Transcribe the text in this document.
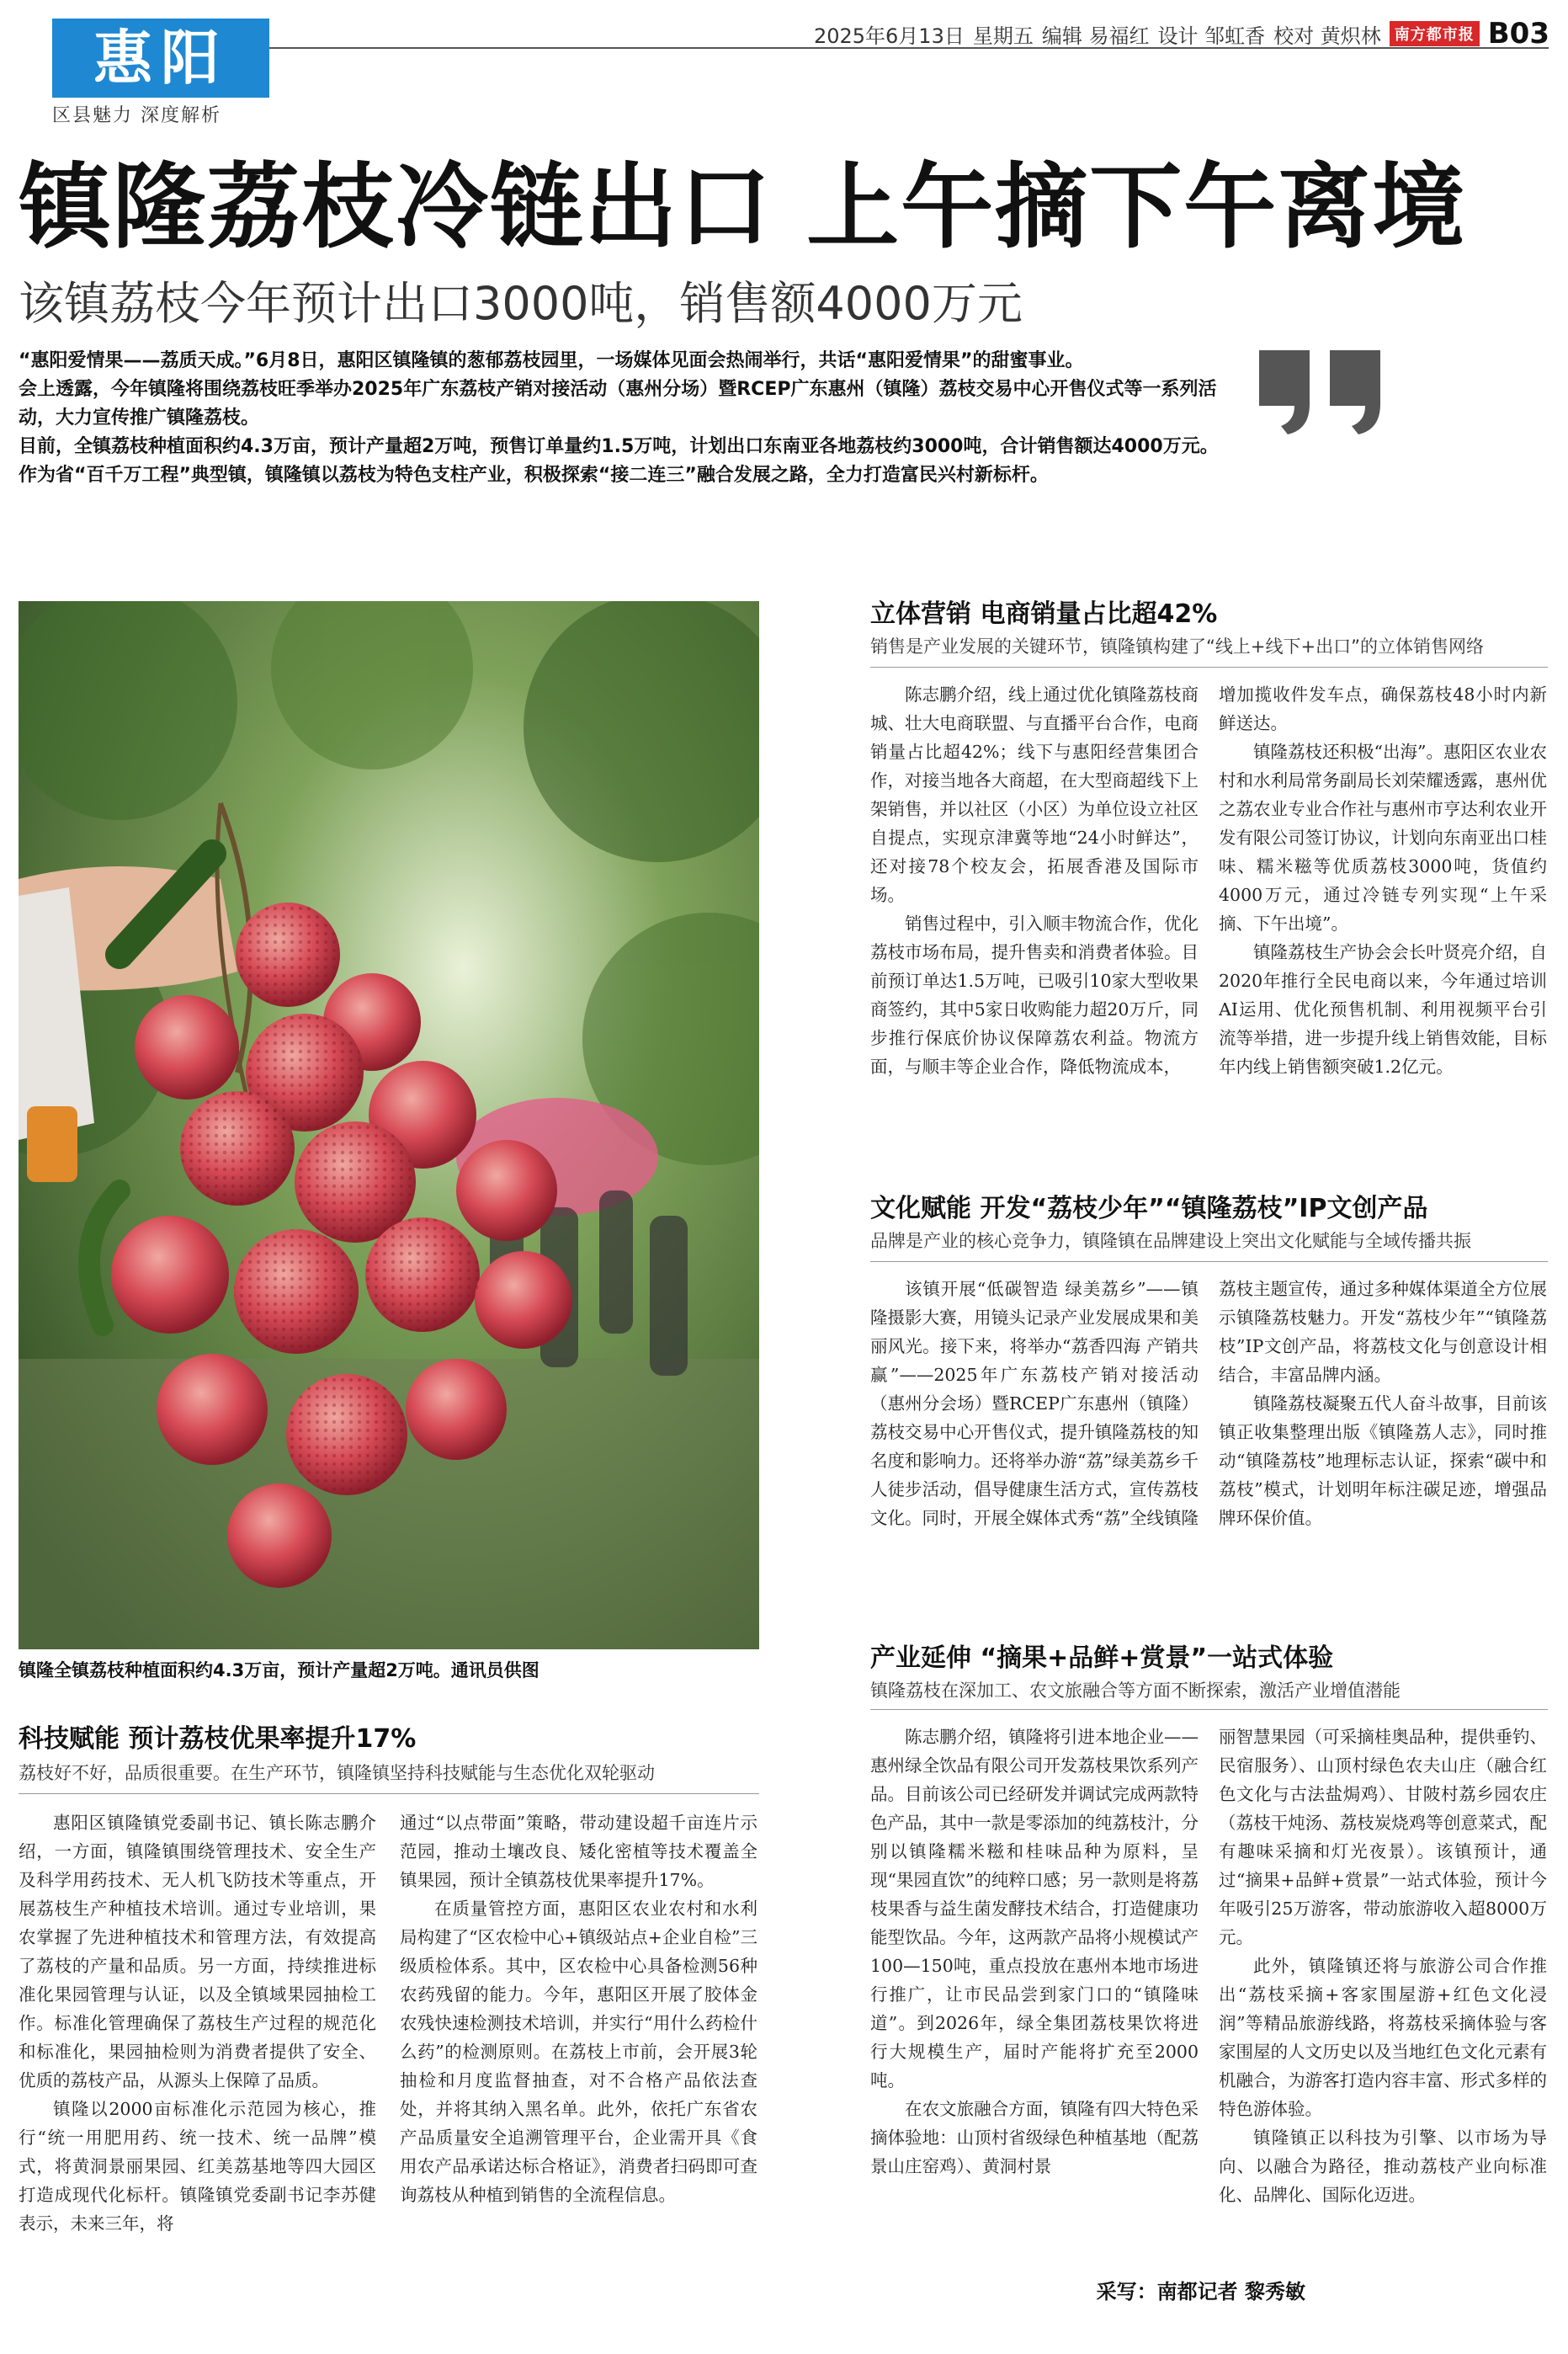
惠阳
区县魅力 深度解析
2025年6月13日 星期五 编辑 易福红 设计 邹虹香 校对 黄炽林 南方都市报 B03
镇隆荔枝冷链出口 上午摘下午离境
该镇荔枝今年预计出口3000吨，销售额4000万元

“惠阳爱情果——荔质天成。”6月8日，惠阳区镇隆镇的葱郁荔枝园里，一场媒体见面会热闹举行，共话“惠阳爱情果”的甜蜜事业。

会上透露，今年镇隆将围绕荔枝旺季举办2025年广东荔枝产销对接活动（惠州分场）暨RCEP广东惠州（镇隆）荔枝交易中心开售仪式等一系列活动，大力宣传推广镇隆荔枝。

目前，全镇荔枝种植面积约4.3万亩，预计产量超2万吨，预售订单量约1.5万吨，计划出口东南亚各地荔枝约3000吨，合计销售额达4000万元。

作为省“百千万工程”典型镇，镇隆镇以荔枝为特色支柱产业，积极探索“接二连三”融合发展之路，全力打造富民兴村新标杆。

镇隆全镇荔枝种植面积约4.3万亩，预计产量超2万吨。通讯员供图
科技赋能 预计荔枝优果率提升17%
荔枝好不好，品质很重要。在生产环节，镇隆镇坚持科技赋能与生态优化双轮驱动

惠阳区镇隆镇党委副书记、镇长陈志鹏介绍，一方面，镇隆镇围绕管理技术、安全生产及科学用药技术、无人机飞防技术等重点，开展荔枝生产种植技术培训。通过专业培训，果农掌握了先进种植技术和管理方法，有效提高了荔枝的产量和品质。另一方面，持续推进标准化果园管理与认证，以及全镇域果园抽检工作。标准化管理确保了荔枝生产过程的规范化和标准化，果园抽检则为消费者提供了安全、优质的荔枝产品，从源头上保障了品质。

镇隆以2000亩标准化示范园为核心，推行“统一用肥用药、统一技术、统一品牌”模式，将黄洞景丽果园、红美荔基地等四大园区打造成现代化标杆。镇隆镇党委副书记李苏健表示，未来三年，将

通过“以点带面”策略，带动建设超千亩连片示范园，推动土壤改良、矮化密植等技术覆盖全镇果园，预计全镇荔枝优果率提升17%。

在质量管控方面，惠阳区农业农村和水利局构建了“区农检中心+镇级站点+企业自检”三级质检体系。其中，区农检中心具备检测56种农药残留的能力。今年，惠阳区开展了胶体金农残快速检测技术培训，并实行“用什么药检什么药”的检测原则。在荔枝上市前，会开展3轮抽检和月度监督抽查，对不合格产品依法查处，并将其纳入黑名单。此外，依托广东省农产品质量安全追溯管理平台，企业需开具《食用农产品承诺达标合格证》，消费者扫码即可查询荔枝从种植到销售的全流程信息。

立体营销 电商销量占比超42%
销售是产业发展的关键环节，镇隆镇构建了“线上+线下+出口”的立体销售网络

陈志鹏介绍，线上通过优化镇隆荔枝商城、壮大电商联盟、与直播平台合作，电商销量占比超42%；线下与惠阳经营集团合作，对接当地各大商超，在大型商超线下上架销售，并以社区（小区）为单位设立社区自提点，实现京津冀等地“24小时鲜达”，还对接78个校友会，拓展香港及国际市场。

销售过程中，引入顺丰物流合作，优化荔枝市场布局，提升售卖和消费者体验。目前预订单达1.5万吨，已吸引10家大型收果商签约，其中5家日收购能力超20万斤，同步推行保底价协议保障荔农利益。物流方面，与顺丰等企业合作，降低物流成本，

增加揽收件发车点，确保荔枝48小时内新鲜送达。

镇隆荔枝还积极“出海”。惠阳区农业农村和水利局常务副局长刘荣耀透露，惠州优之荔农业专业合作社与惠州市亨达利农业开发有限公司签订协议，计划向东南亚出口桂味、糯米糍等优质荔枝3000吨，货值约4000万元，通过冷链专列实现“上午采摘、下午出境”。

镇隆荔枝生产协会会长叶贤亮介绍，自2020年推行全民电商以来，今年通过培训AI运用、优化预售机制、利用视频平台引流等举措，进一步提升线上销售效能，目标年内线上销售额突破1.2亿元。

文化赋能 开发“荔枝少年”“镇隆荔枝”IP文创产品
品牌是产业的核心竞争力，镇隆镇在品牌建设上突出文化赋能与全域传播共振

该镇开展“低碳智造 绿美荔乡”——镇隆摄影大赛，用镜头记录产业发展成果和美丽风光。接下来，将举办“荔香四海 产销共赢”——2025年广东荔枝产销对接活动（惠州分会场）暨RCEP广东惠州（镇隆）荔枝交易中心开售仪式，提升镇隆荔枝的知名度和影响力。还将举办游“荔”绿美荔乡千人徒步活动，倡导健康生活方式，宣传荔枝文化。同时，开展全媒体式秀“荔”全线镇隆

荔枝主题宣传，通过多种媒体渠道全方位展示镇隆荔枝魅力。开发“荔枝少年”“镇隆荔枝”IP文创产品，将荔枝文化与创意设计相结合，丰富品牌内涵。

镇隆荔枝凝聚五代人奋斗故事，目前该镇正收集整理出版《镇隆荔人志》，同时推动“镇隆荔枝”地理标志认证，探索“碳中和荔枝”模式，计划明年标注碳足迹，增强品牌环保价值。

产业延伸 “摘果+品鲜+赏景”一站式体验
镇隆荔枝在深加工、农文旅融合等方面不断探索，激活产业增值潜能

陈志鹏介绍，镇隆将引进本地企业——惠州绿全饮品有限公司开发荔枝果饮系列产品。目前该公司已经研发并调试完成两款特色产品，其中一款是零添加的纯荔枝汁，分别以镇隆糯米糍和桂味品种为原料，呈现“果园直饮”的纯粹口感；另一款则是将荔枝果香与益生菌发酵技术结合，打造健康功能型饮品。今年，这两款产品将小规模试产100—150吨，重点投放在惠州本地市场进行推广，让市民品尝到家门口的“镇隆味道”。到2026年，绿全集团荔枝果饮将进行大规模生产，届时产能将扩充至2000吨。

在农文旅融合方面，镇隆有四大特色采摘体验地：山顶村省级绿色种植基地（配荔景山庄窑鸡）、黄洞村景

丽智慧果园（可采摘桂奥品种，提供垂钓、民宿服务）、山顶村绿色农夫山庄（融合红色文化与古法盐焗鸡）、甘陂村荔乡园农庄（荔枝干炖汤、荔枝炭烧鸡等创意菜式，配有趣味采摘和灯光夜景）。该镇预计，通过“摘果+品鲜+赏景”一站式体验，预计今年吸引25万游客，带动旅游收入超8000万元。

此外，镇隆镇还将与旅游公司合作推出“荔枝采摘+客家围屋游+红色文化浸润”等精品旅游线路，将荔枝采摘体验与客家围屋的人文历史以及当地红色文化元素有机融合，为游客打造内容丰富、形式多样的特色游体验。

镇隆镇正以科技为引擎、以市场为导向、以融合为路径，推动荔枝产业向标准化、品牌化、国际化迈进。

采写：南都记者 黎秀敏
